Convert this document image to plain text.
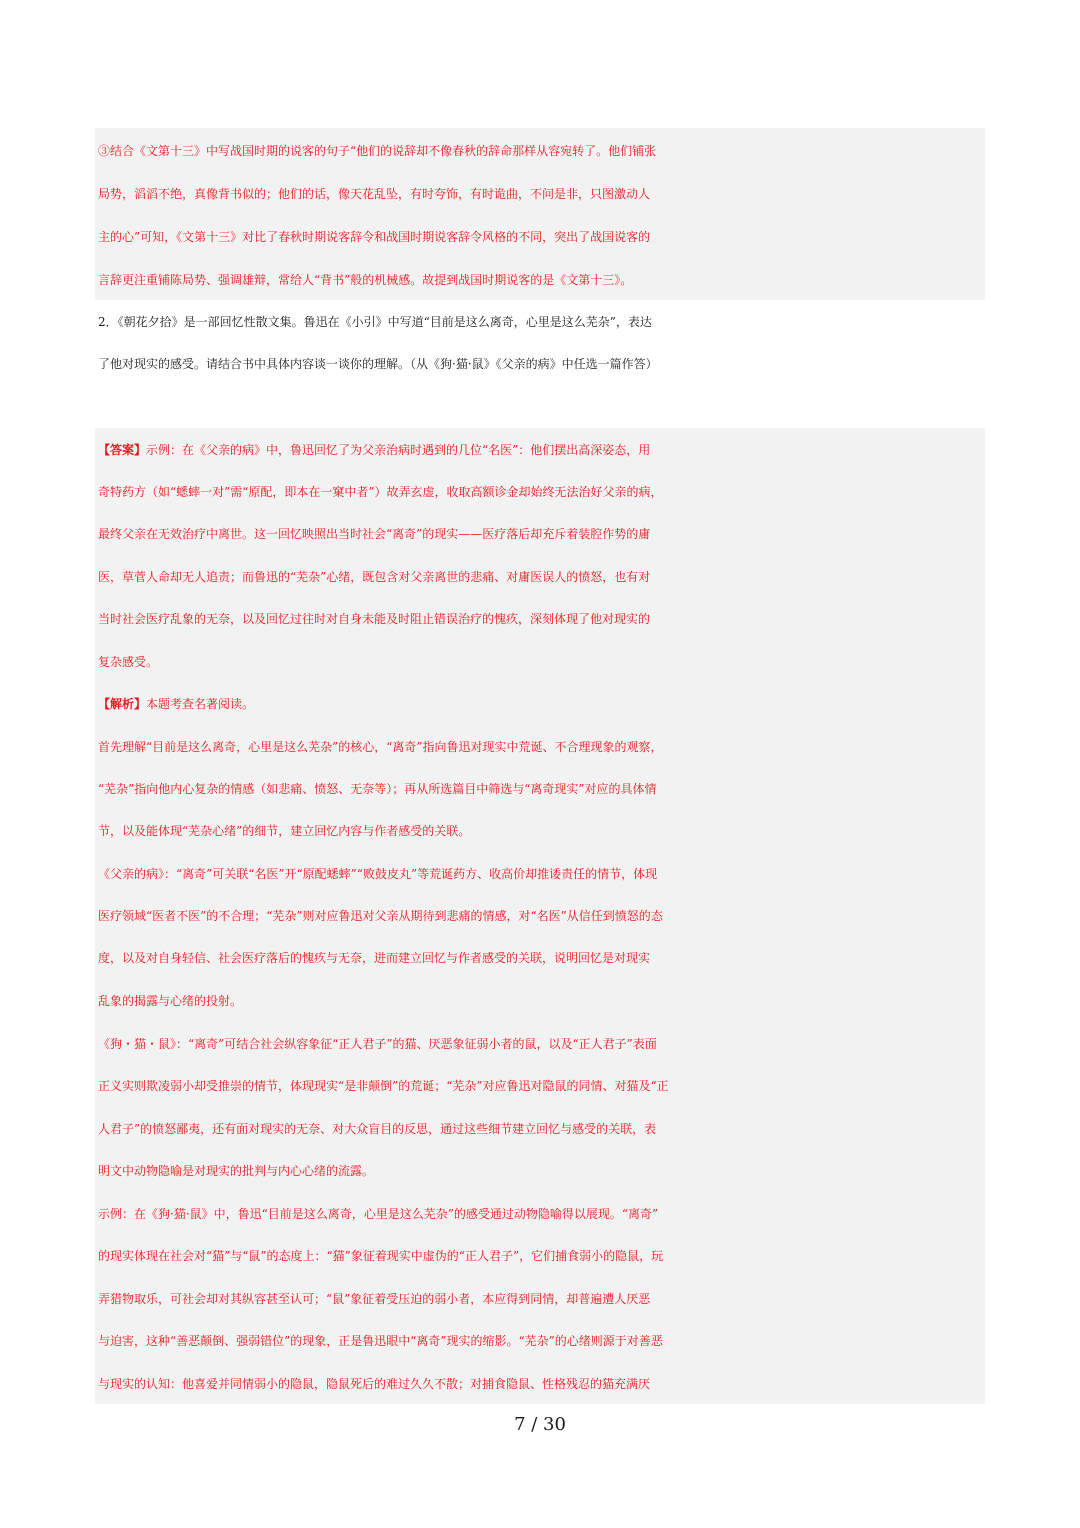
③结合《文第十三》中写战国时期的说客的句子“他们的说辞却不像春秋的辞命那样从容宛转了。他们铺张
局势，滔滔不绝，真像背书似的；他们的话，像天花乱坠，有时夸饰，有时诡曲，不问是非，只图激动人
主的心”可知，《文第十三》对比了春秋时期说客辞令和战国时期说客辞令风格的不同，突出了战国说客的
言辞更注重铺陈局势、强调雄辩，常给人“背书”般的机械感。故提到战国时期说客的是《文第十三》。
2．《朝花夕拾》是一部回忆性散文集。鲁迅在《小引》中写道“目前是这么离奇，心里是这么芜杂”，表达
了他对现实的感受。请结合书中具体内容谈一谈你的理解。（从《狗·猫·鼠》《父亲的病》中任选一篇作答）
【答案】示例：在《父亲的病》中，鲁迅回忆了为父亲治病时遇到的几位“名医”：他们摆出高深姿态，用
奇特药方（如“蟋蟀一对”需“原配，即本在一窠中者”）故弄玄虚，收取高额诊金却始终无法治好父亲的病，
最终父亲在无效治疗中离世。这一回忆映照出当时社会“离奇”的现实——医疗落后却充斥着装腔作势的庸
医，草菅人命却无人追责；而鲁迅的“芜杂”心绪，既包含对父亲离世的悲痛、对庸医误人的愤怒，也有对
当时社会医疗乱象的无奈，以及回忆过往时对自身未能及时阻止错误治疗的愧疚，深刻体现了他对现实的
复杂感受。
【解析】本题考查名著阅读。
首先理解“目前是这么离奇，心里是这么芜杂”的核心，“离奇”指向鲁迅对现实中荒诞、不合理现象的观察，
“芜杂”指向他内心复杂的情感（如悲痛、愤怒、无奈等）；再从所选篇目中筛选与“离奇现实”对应的具体情
节，以及能体现“芜杂心绪”的细节，建立回忆内容与作者感受的关联。
《父亲的病》：“离奇”可关联“名医”开“原配蟋蟀”“败鼓皮丸”等荒诞药方、收高价却推诿责任的情节，体现
医疗领域“医者不医”的不合理；“芜杂”则对应鲁迅对父亲从期待到悲痛的情感，对“名医”从信任到愤怒的态
度，以及对自身轻信、社会医疗落后的愧疚与无奈，进而建立回忆与作者感受的关联，说明回忆是对现实
乱象的揭露与心绪的投射。
《狗・猫・鼠》：“离奇”可结合社会纵容象征“正人君子”的猫、厌恶象征弱小者的鼠，以及“正人君子”表面
正义实则欺凌弱小却受推崇的情节，体现现实“是非颠倒”的荒诞；“芜杂”对应鲁迅对隐鼠的同情、对猫及“正
人君子”的愤怒鄙夷，还有面对现实的无奈、对大众盲目的反思，通过这些细节建立回忆与感受的关联，表
明文中动物隐喻是对现实的批判与内心心绪的流露。
示例：在《狗·猫·鼠》中，鲁迅“目前是这么离奇，心里是这么芜杂”的感受通过动物隐喻得以展现。“离奇”
的现实体现在社会对“猫”与“鼠”的态度上：“猫”象征着现实中虚伪的“正人君子”，它们捕食弱小的隐鼠，玩
弄猎物取乐，可社会却对其纵容甚至认可；“鼠”象征着受压迫的弱小者，本应得到同情，却普遍遭人厌恶
与迫害，这种“善恶颠倒、强弱错位”的现象，正是鲁迅眼中“离奇”现实的缩影。“芜杂”的心绪则源于对善恶
与现实的认知：他喜爱并同情弱小的隐鼠，隐鼠死后的难过久久不散；对捕食隐鼠、性格残忍的猫充满厌
7 / 30
